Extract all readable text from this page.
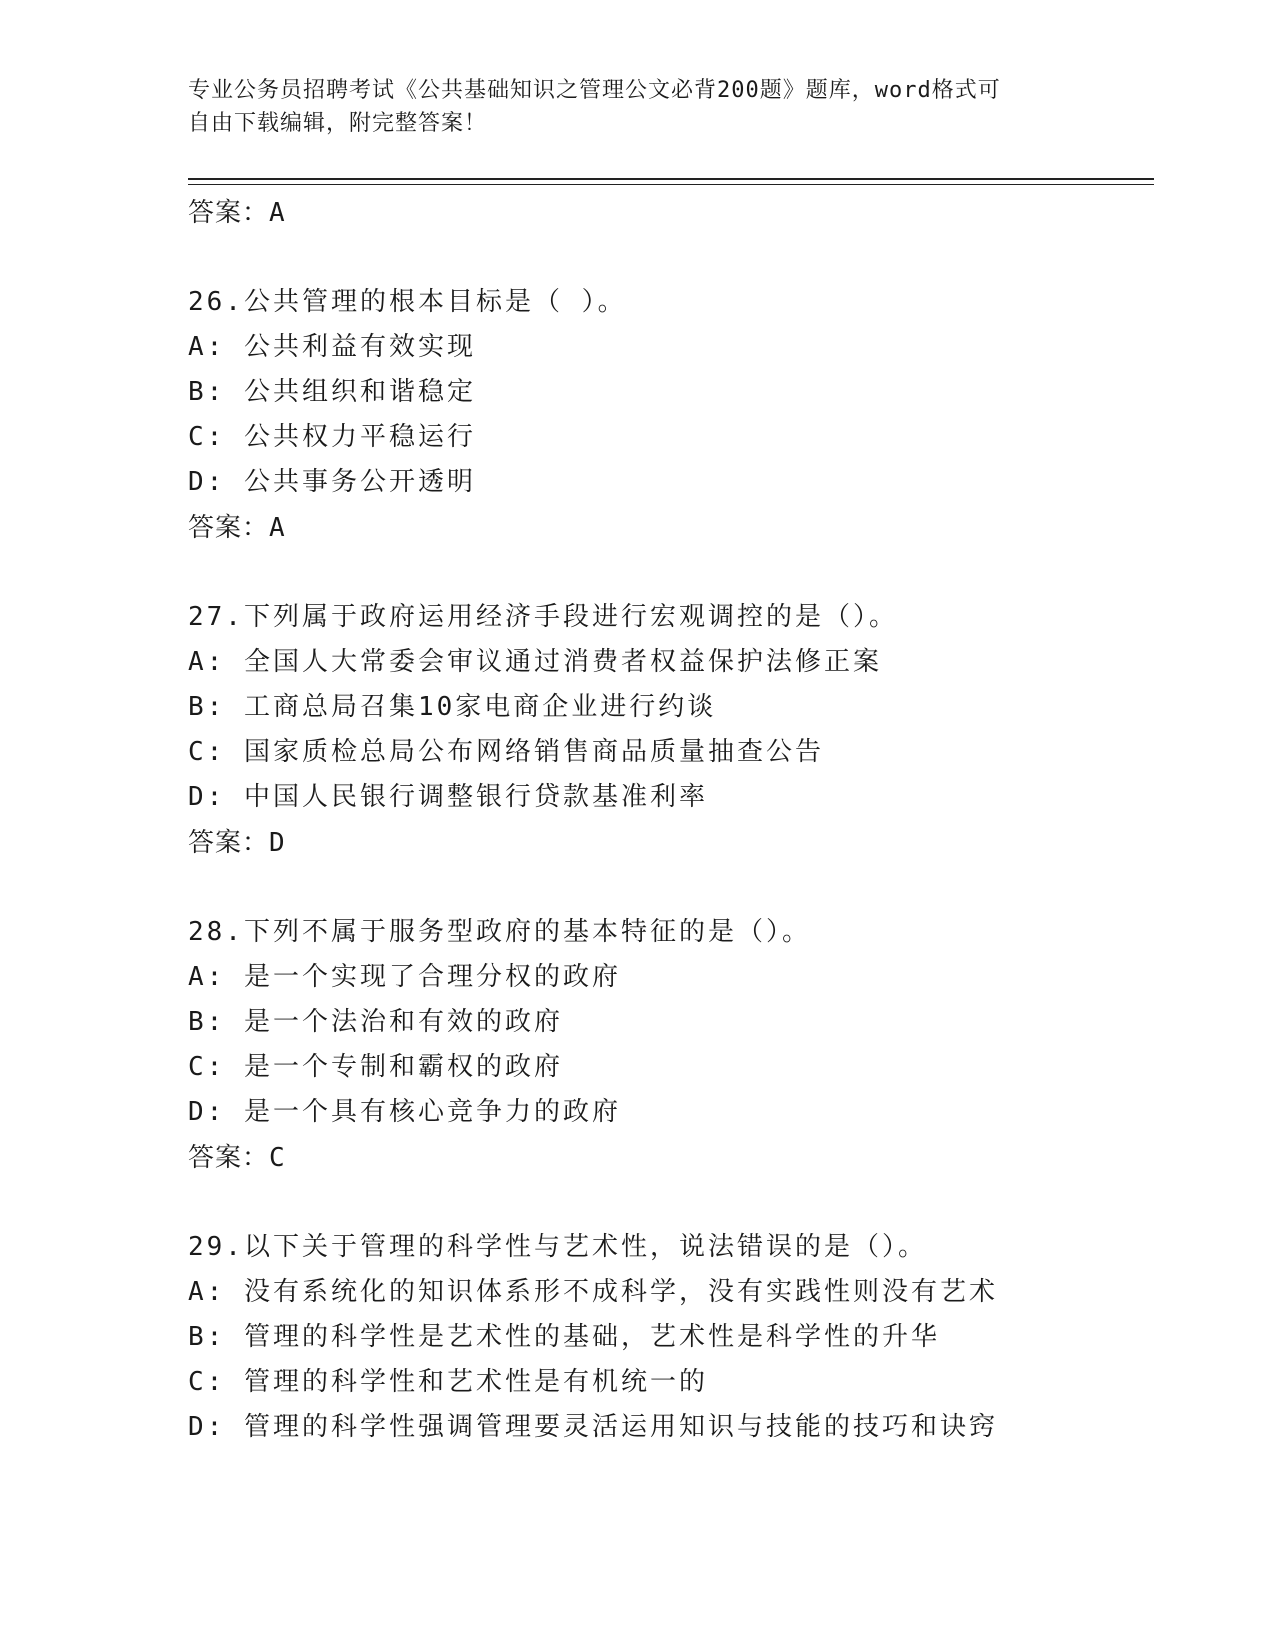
专业公务员招聘考试《公共基础知识之管理公文必背200题》题库，word格式可
自由下载编辑，附完整答案！
答案：A
26.公共管理的根本目标是（ ）。
A: 公共利益有效实现
B: 公共组织和谐稳定
C: 公共权力平稳运行
D: 公共事务公开透明
答案：A
27.下列属于政府运用经济手段进行宏观调控的是（）。
A: 全国人大常委会审议通过消费者权益保护法修正案
B: 工商总局召集10家电商企业进行约谈
C: 国家质检总局公布网络销售商品质量抽查公告
D: 中国人民银行调整银行贷款基准利率
答案：D
28.下列不属于服务型政府的基本特征的是（）。
A: 是一个实现了合理分权的政府
B: 是一个法治和有效的政府
C: 是一个专制和霸权的政府
D: 是一个具有核心竞争力的政府
答案：C
29.以下关于管理的科学性与艺术性，说法错误的是（）。
A: 没有系统化的知识体系形不成科学，没有实践性则没有艺术
B: 管理的科学性是艺术性的基础，艺术性是科学性的升华
C: 管理的科学性和艺术性是有机统一的
D: 管理的科学性强调管理要灵活运用知识与技能的技巧和诀窍
